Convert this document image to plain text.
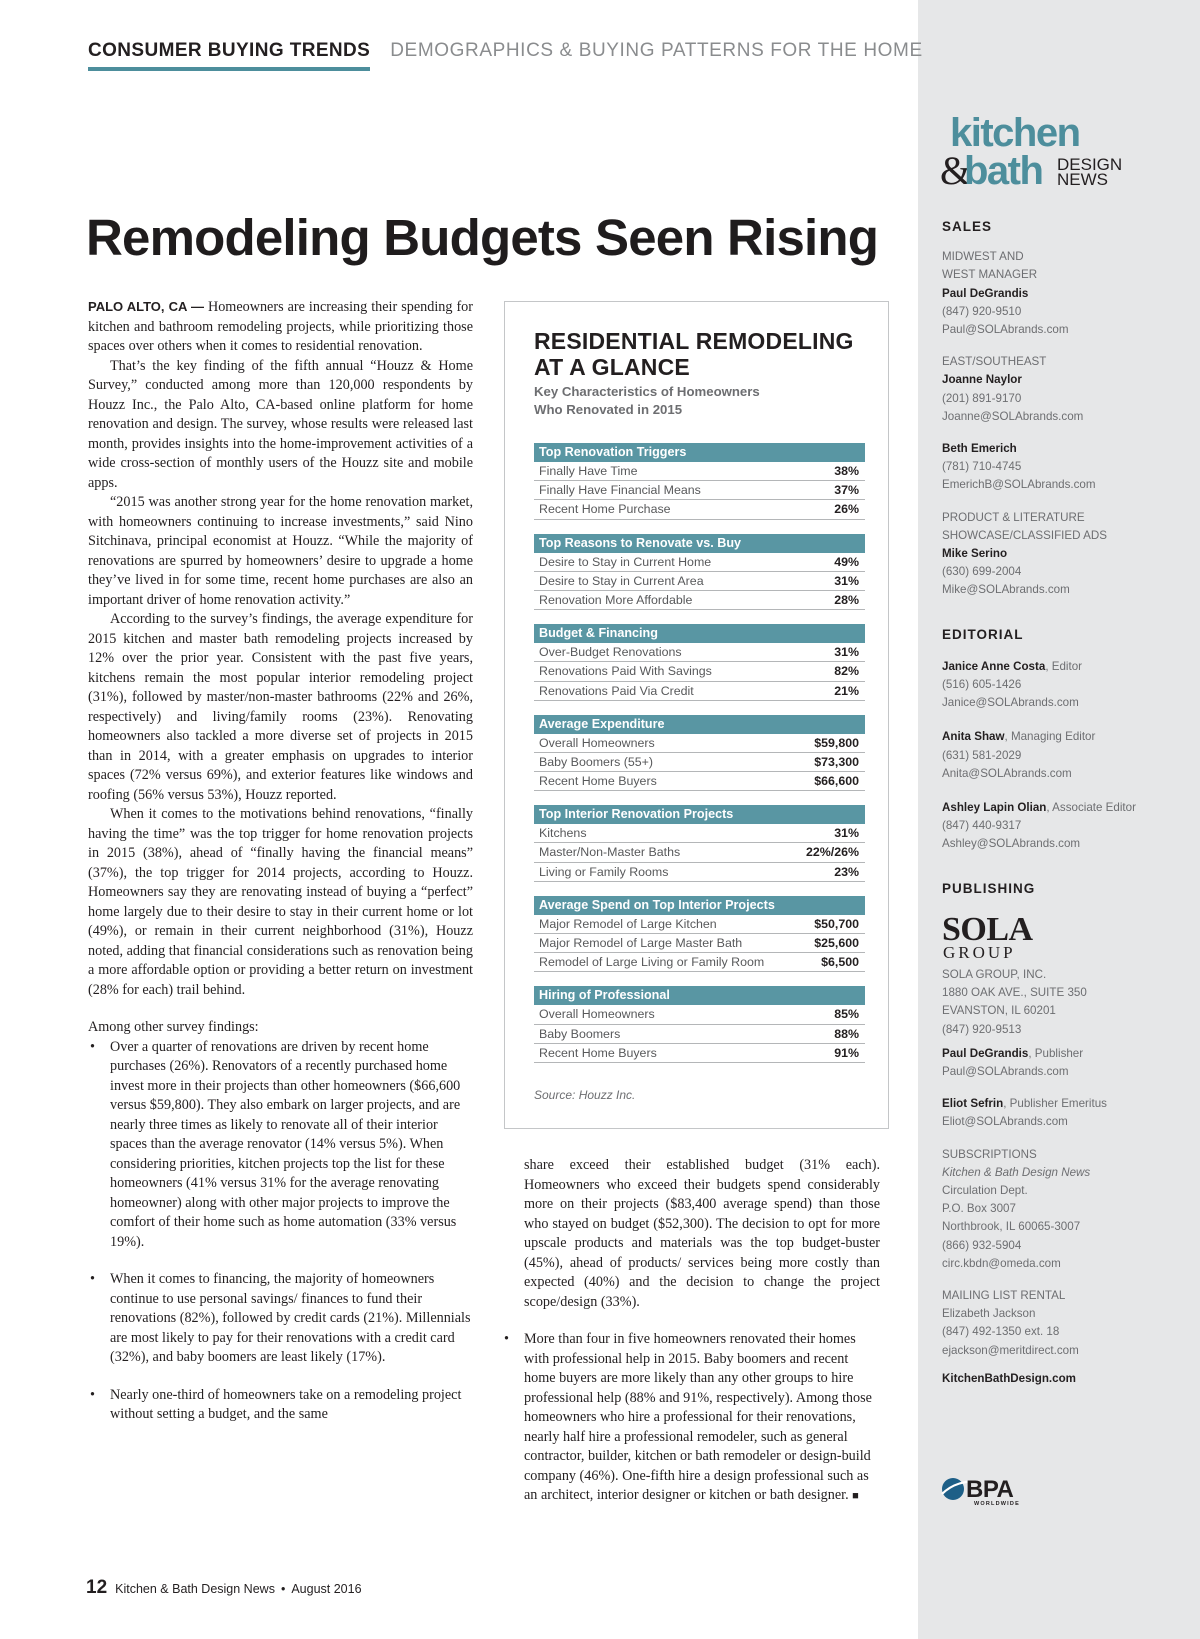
kitchen
&
bath DESIGN
NEWS
SALES
MIDWEST AND
WEST MANAGER
Paul DeGrandis
(847) 920-9510
Paul@SOLAbrands.com
EAST/SOUTHEAST
Joanne Naylor
(201) 891-9170
Joanne@SOLAbrands.com
Beth Emerich
(781) 710-4745
EmerichB@SOLAbrands.com
PRODUCT & LITERATURE
SHOWCASE/CLASSIFIED ADS
Mike Serino
(630) 699-2004
Mike@SOLAbrands.com
EDITORIAL
Janice Anne Costa, Editor
(516) 605-1426
Janice@SOLAbrands.com
Anita Shaw, Managing Editor
(631) 581-2029
Anita@SOLAbrands.com
Ashley Lapin Olian, Associate Editor
(847) 440-9317
Ashley@SOLAbrands.com
PUBLISHING
SOLA
GROUP
SOLA GROUP, INC.
1880 OAK AVE., SUITE 350
EVANSTON, IL 60201
(847) 920-9513
Paul DeGrandis, Publisher
Paul@SOLAbrands.com
Eliot Sefrin, Publisher Emeritus
Eliot@SOLAbrands.com
SUBSCRIPTIONS
Kitchen & Bath Design News
Circulation Dept.
P.O. Box 3007
Northbrook, IL 60065-3007
(866) 932-5904
circ.kbdn@omeda.com
MAILING LIST RENTAL
Elizabeth Jackson
(847) 492-1350 ext. 18
ejackson@meritdirect.com
KitchenBathDesign.com
BPA
WORLDWIDE
CONSUMER BUYING TRENDS DEMOGRAPHICS & BUYING PATTERNS FOR THE HOME
Remodeling Budgets Seen Rising

PALO ALTO, CA — Homeowners are increasing their spending for kitchen and bathroom remodeling projects, while prioritizing those spaces over others when it comes to residential renovation.

That’s the key finding of the fifth annual “Houzz & Home Survey,” conducted among more than 120,000 respondents by Houzz Inc., the Palo Alto, CA-based online platform for home renovation and design. The survey, whose results were released last month, provides insights into the home-improvement activities of a wide cross-section of monthly users of the Houzz site and mobile apps.

“2015 was another strong year for the home renovation market, with homeowners continuing to increase investments,” said Nino Sitchinava, principal economist at Houzz. “While the majority of renovations are spurred by homeowners’ desire to upgrade a home they’ve lived in for some time, recent home purchases are also an important driver of home renovation activity.”

According to the survey’s findings, the average expenditure for 2015 kitchen and master bath remodeling projects increased by 12% over the prior year. Consistent with the past five years, kitchens remain the most popular interior remodeling project (31%), followed by master/non-master bathrooms (22% and 26%, respectively) and living/family rooms (23%). Renovating homeowners also tackled a more diverse set of projects in 2015 than in 2014, with a greater emphasis on upgrades to interior spaces (72% versus 69%), and exterior features like windows and roofing (56% versus 53%), Houzz reported.

When it comes to the motivations behind renovations, “finally having the time” was the top trigger for home renovation projects in 2015 (38%), ahead of “finally having the financial means” (37%), the top trigger for 2014 projects, according to Houzz. Homeowners say they are renovating instead of buying a “perfect” home largely due to their desire to stay in their current home or lot (49%), or remain in their current neighborhood (31%), Houzz noted, adding that financial considerations such as renovation being a more affordable option or providing a better return on investment (28% for each) trail behind.

Among other survey findings:

• Over a quarter of renovations are driven by recent home purchases (26%). Renovators of a recently purchased home invest more in their projects than other homeowners ($66,600 versus $59,800). They also embark on larger projects, and are nearly three times as likely to renovate all of their interior spaces than the average renovator (14% versus 5%). When considering priorities, kitchen projects top the list for these homeowners (41% versus 31% for the average renovating homeowner) along with other major projects to improve the comfort of their home such as home automation (33% versus 19%).
• When it comes to financing, the majority of homeowners continue to use personal savings/ finances to fund their renovations (82%), followed by credit cards (21%). Millennials are most likely to pay for their renovations with a credit card (32%), and baby boomers are least likely (17%).
• Nearly one-third of homeowners take on a remodeling project without setting a budget, and the same
RESIDENTIAL REMODELING
AT A GLANCE
Key Characteristics of Homeowners
Who Renovated in 2015
Top Renovation Triggers
Finally Have Time	38%
Finally Have Financial Means	37%
Recent Home Purchase	26%
Top Reasons to Renovate vs. Buy
Desire to Stay in Current Home	49%
Desire to Stay in Current Area	31%
Renovation More Affordable	28%
Budget & Financing
Over-Budget Renovations	31%
Renovations Paid With Savings	82%
Renovations Paid Via Credit	21%
Average Expenditure
Overall Homeowners	$59,800
Baby Boomers (55+)	$73,300
Recent Home Buyers	$66,600
Top Interior Renovation Projects
Kitchens	31%
Master/Non-Master Baths	22%/26%
Living or Family Rooms	23%
Average Spend on Top Interior Projects
Major Remodel of Large Kitchen	$50,700
Major Remodel of Large Master Bath	$25,600
Remodel of Large Living or Family Room	$6,500
Hiring of Professional
Overall Homeowners	85%
Baby Boomers	88%
Recent Home Buyers	91%
Source: Houzz Inc.

share exceed their established budget (31% each). Homeowners who exceed their budgets spend considerably more on their projects ($83,400 average spend) than those who stayed on budget ($52,300). The decision to opt for more upscale products and materials was the top budget-buster (45%), ahead of products/ services being more costly than expected (40%) and the decision to change the project scope/design (33%).

• More than four in five homeowners renovated their homes with professional help in 2015. Baby boomers and recent home buyers are more likely than any other groups to hire professional help (88% and 91%, respectively). Among those homeowners who hire a professional for their renovations, nearly half hire a professional remodeler, such as general contractor, builder, kitchen or bath remodeler or design-build company (46%). One-fifth hire a design professional such as an architect, interior designer or kitchen or bath designer. ■
12 Kitchen & Bath Design News • August 2016
